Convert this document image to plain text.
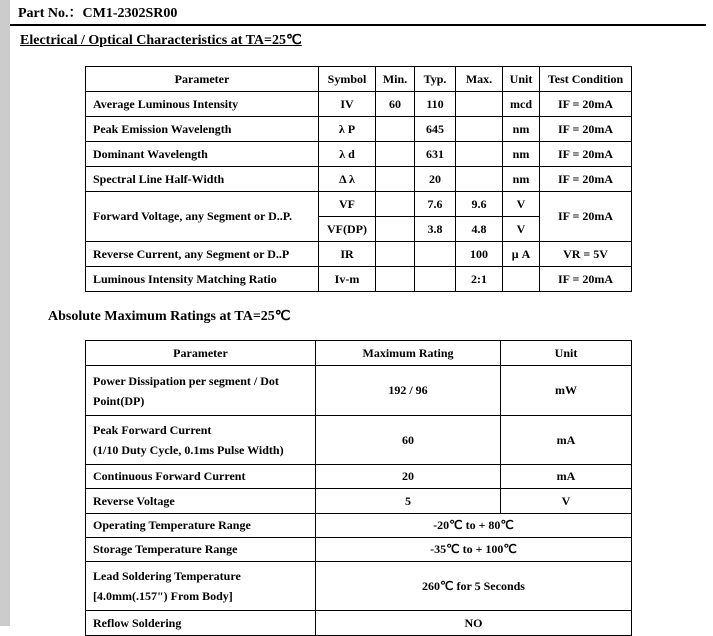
Part No.：CM1-2302SR00
Electrical / Optical Characteristics at TA=25℃
Parameter	Symbol	Min.	Typ.	Max.	Unit	Test Condition
Average Luminous Intensity	IV	60	110		mcd	IF = 20mA
Peak Emission Wavelength	λ P		645		nm	IF = 20mA
Dominant Wavelength	λ d		631		nm	IF = 20mA
Spectral Line Half-Width	Δ λ		20		nm	IF = 20mA
Forward Voltage, any Segment or D..P.	VF		7.6	9.6	V	IF = 20mA
	VF(DP)		3.8	4.8	V	
Reverse Current, any Segment or D..P	IR			100	μ A	VR = 5V
Luminous Intensity Matching Ratio	Iv-m			2:1		IF = 20mA
Absolute Maximum Ratings at TA=25℃
Parameter	Maximum Rating	Unit

Power Dissipation per segment / Dot
Point(DP)	192 / 96	mW

Peak Forward Current
(1/10 Duty Cycle, 0.1ms Pulse Width)	60	mA
Continuous Forward Current	20	mA
Reverse Voltage	5	V
Operating Temperature Range	-20℃ to + 80℃	
Storage Temperature Range	-35℃ to + 100℃	

Lead Soldering Temperature
[4.0mm(.157") From Body]	260℃ for 5 Seconds	
Reflow Soldering	NO	
